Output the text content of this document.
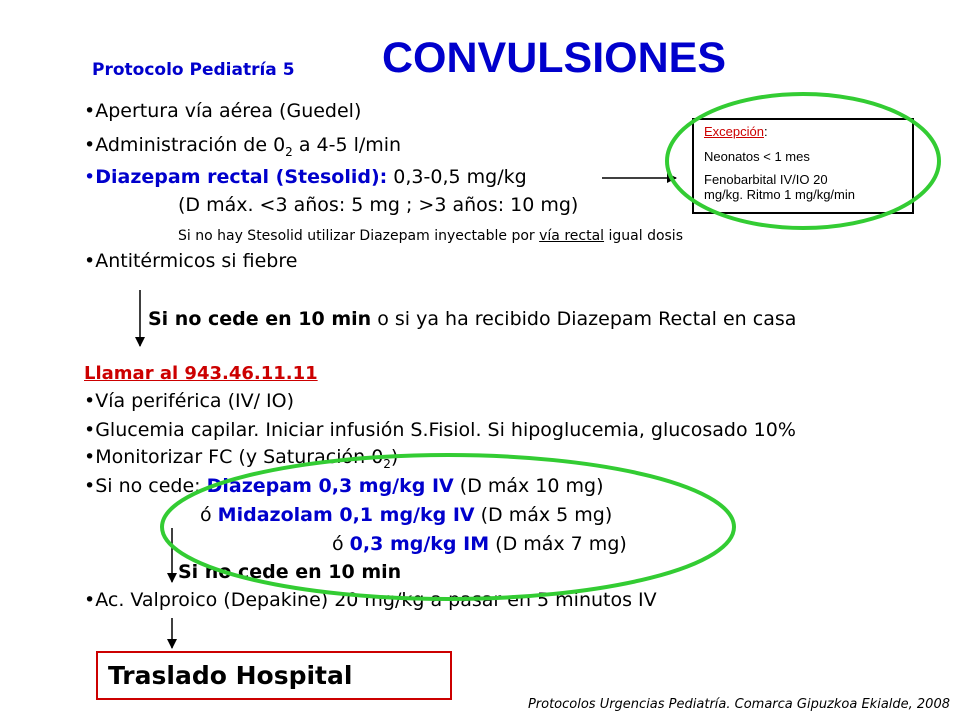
Protocolo Pediatría 5 CONVULSIONES
•Apertura vía aérea (Guedel)
•Administración de $0_2$ a 4-5 l/min
•Diazepam rectal (Stesolid): 0,3-0,5 mg/kg
(D máx. <3 años: 5 mg ; >3 años: 10 mg)
Si no hay Stesolid utilizar Diazepam inyectable por vía rectal igual dosis
•Antitérmicos si fiebre
Excepción:
Neonatos < 1 mes
Fenobarbital IV/IO 20
mg/kg. Ritmo 1 mg/kg/min
Si no cede en 10 min o si ya ha recibido Diazepam Rectal en casa
Llamar al 943.46.11.11
•Vía periférica (IV/ IO)
•Glucemia capilar. Iniciar infusión S.Fisiol. Si hipoglucemia, glucosado 10%
•Monitorizar FC (y Saturación $0_2$)
•Si no cede: Diazepam 0,3 mg/kg IV (D máx 10 mg)
ó Midazolam 0,1 mg/kg IV (D máx 5 mg)
ó 0,3 mg/kg IM (D máx 7 mg)
Si no cede en 10 min
•Ac. Valproico (Depakine) 20 mg/kg a pasar en 5 minutos IV
Traslado Hospital
Protocolos Urgencias Pediatría. Comarca Gipuzkoa Ekialde, 2008
